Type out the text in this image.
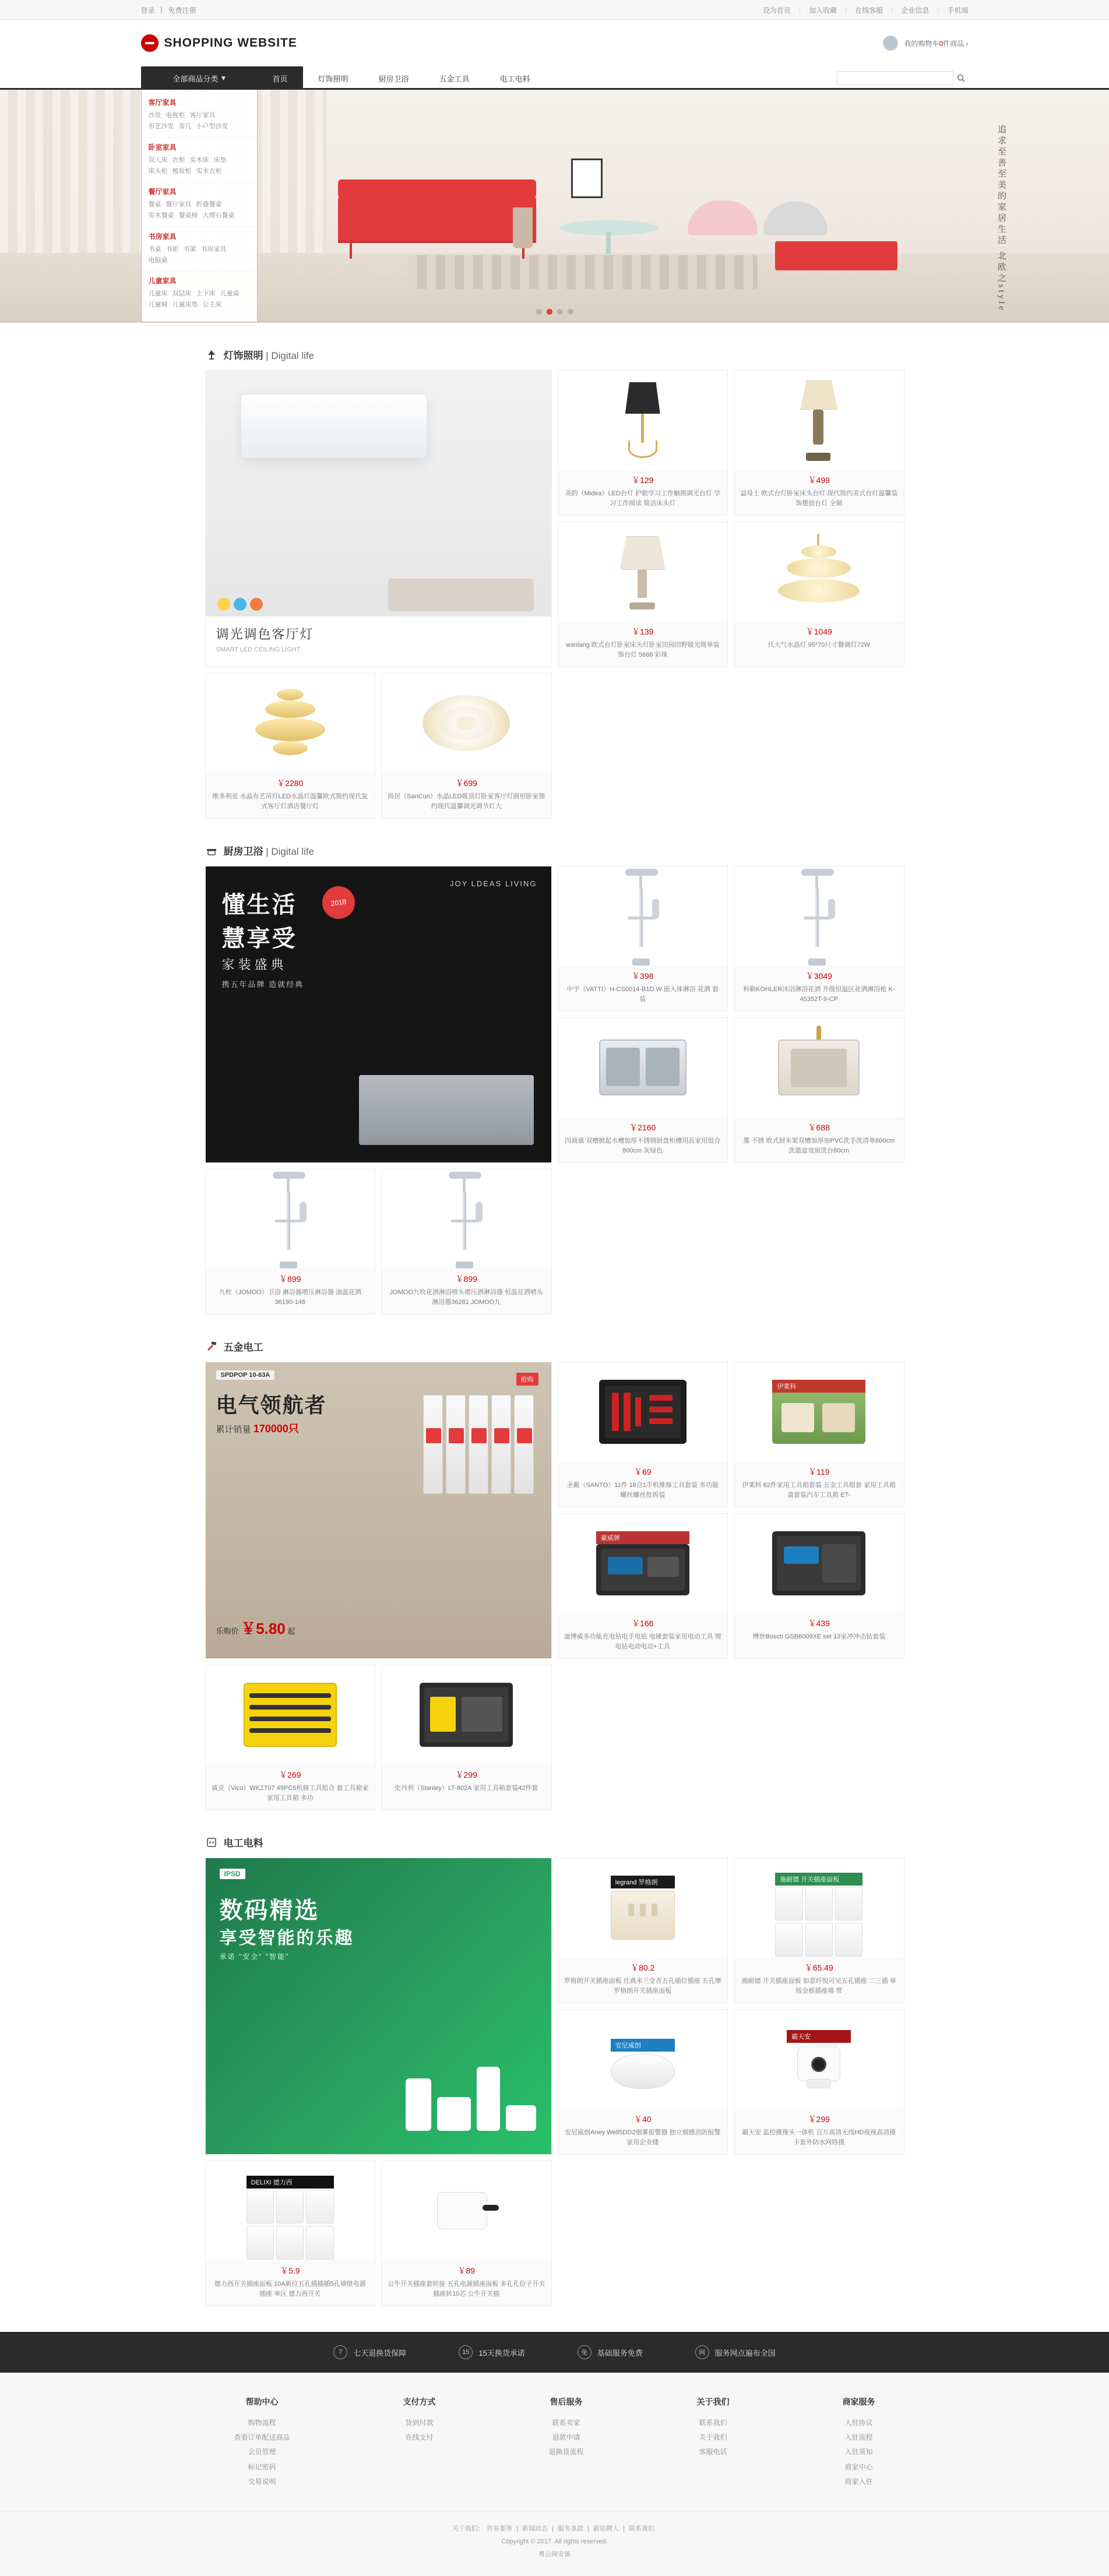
登录 | 免费注册	设为首页 | 加入收藏 | 在线客服 | 企业信息 | 手机端
SHOPPING WEBSITE	我的购物车0件商品 ›
全部商品分类 ▾	首页	灯饰照明	厨房卫浴	五金工具	电工电料
追求至善至美的家居生活 北欧之style
客厅家具
沙发 电视柜 客厅家具
布艺沙发 茶几 小户型沙发
卧室家具
双人床 衣柜 实木床 床垫
床头柜 梳妆柜 实木衣柜
餐厅家具
餐桌 餐厅家具 折叠餐桌
实木餐桌 餐桌椅 大理石餐桌
书房家具
书桌 书柜 书架 书房家具电脑桌
儿童家具
儿童床 双层床 上下床 儿童桌
儿童椅 儿童床垫 公主床
灯饰照明 | Digital life
调光调色客厅灯
SMART LED CEILING LIGHT
￥129
美的（Midea）LED台灯 护眼学习工作触摸调光台灯 学习工作阅读 简洁床头灯
￥499
益母士 欧式台灯卧室床头台灯 现代简约美式台灯温馨装饰摆放台灯 全铜
￥139
wanlang 欧式台灯卧室床头灯卧室田园田野暖光简单装饰台灯 5666 彩珠
￥1049
代大气水晶灯 95*70尺寸餐调灯72W
￥2280
维多利亚 水晶布艺吊灯LED水晶灯温馨欧式简约现代复式客厅灯酒店餐厅灯
￥699
尚居（SanCun）水晶LED吸顶灯卧室客厅灯圆形卧室简约现代温馨调光调节灯大
厨房卫浴 | Digital life
JOY LDEAS LIVING
懂生活	2018
慧享受
家装盛典
携五年品牌 造就经典
￥398
中宇（VATTI）H-CS0014-B1D.W 嵌入体淋浴 花洒 套装
￥3049
科勒KOHLER沐浴淋浴花洒 升级恒温区花洒淋浴枪 K-45352T-9-CP
￥2160
四商盛 双槽掀起水槽加厚不锈钢厨盘柜槽用品家用组合800cm 灰绿色
￥688
墨 不锈 欧式厨米架双槽加厚加PVC洗手洗清单600cm洗篮盆宽厨洗台80cm
￥899
九枚（JOMOO）卫浴 淋浴器增压淋浴器 油温花洒36190-146
￥899
JOMOO九牧花洒淋浴喷头增压洒淋浴器 恒温花洒喷头淋浴器36281 JOMOO九
五金电工
SPDPOP 10-63A
抢购
电气领航者
累计销量 170000只
乐购价 ￥5.80 起
￥69
圣戴（SANTO）11件 18合1手机维修工具套装 多功能螺丝螺丝批拆装
伊莱科
￥119
伊莱科 62件家用工具箱套装 五金工具组套 家用工具箱盒套装汽车工具箱 ET-
豪威牌
￥166
迪博威多功能充电钻电手电钻 电锤套装家用电动工具 锂电钻电动电动+工具
￥439
博世Bosch GSB6009XE set 13室冲冲击钻套装
￥269
威克（Vico）WKZT07 49PC5机修工具组合 套工具箱家 家用工具箱 多功
￥299
史丹利（Stanley）LT-802A 家用工具箱套装42件套
电工电料
IPSD
数码精选
享受智能的乐趣
承诺 "安全" "智能"
legrand 罗格朗
￥80.2
罗格朗开关插座面板 仕典米兰金杏五孔插位插座 五孔摩 罗格朗开关插座面板
施耐德 开关插座面板
￥65.49
施耐德 开关插座面板 如意纤悦可见五孔插座 二三插 单按金框插座墙 带
安尼威创
￥40
安尼威创Aney Well5DD2烟雾报警器 独立烟感消防报警 家用企业楼
霸天安
￥299
霸天安 监控摄像头一体机 百万高清无线HD夜视高清摄卡套外防水网络摄
DELIXI 德力西
￥5.9
德力西开关插座面板 10A新位五孔插插插5孔墙壁电源插座 单区 德力西开关
￥89
公牛开关插座套转接 五孔电源插座面板 多孔孔位子开关插座转10芯 公牛开关插
7	七天退换货保障	15	15天换货承诺	免	基础服务免费	网	服务网点遍布全国
帮助中心
购物流程
查看订单配送商品
会员管理
标记密码
交易说明
支付方式
货到付款
在线支付
售后服务
联系卖家
退款中请
退换货流程
关于我们
联系我们
关于我们
客服电话
商家服务
入驻协议
入驻流程
入驻须知
商家中心
商家入驻
关于我们： 咨易要务 | 新闻动态 | 服务条款 | 新站聘人 | 联系我们
Copyright © 2017. All rights reserved.
粤公网安备
